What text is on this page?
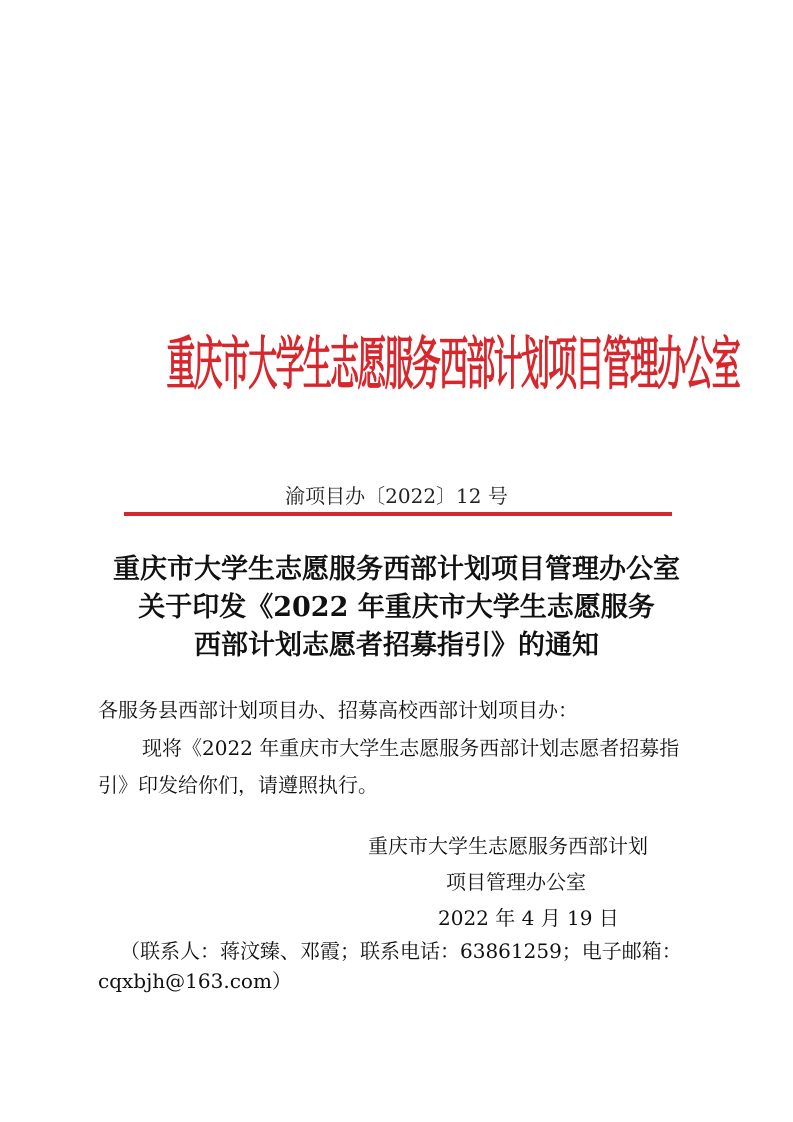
重庆市大学生志愿服务西部计划项目管理办公室
渝项目办〔2022〕12 号
重庆市大学生志愿服务西部计划项目管理办公室
关于印发《2022 年重庆市大学生志愿服务
西部计划志愿者招募指引》的通知
各服务县西部计划项目办、招募高校西部计划项目办：
现将《2022 年重庆市大学生志愿服务西部计划志愿者招募指
引》印发给你们，请遵照执行。
重庆市大学生志愿服务西部计划
项目管理办公室
2022 年 4 月 19 日
（联系人：蒋汶臻、邓霞；联系电话：63861259；电子邮箱：
cqxbjh@163.com）
